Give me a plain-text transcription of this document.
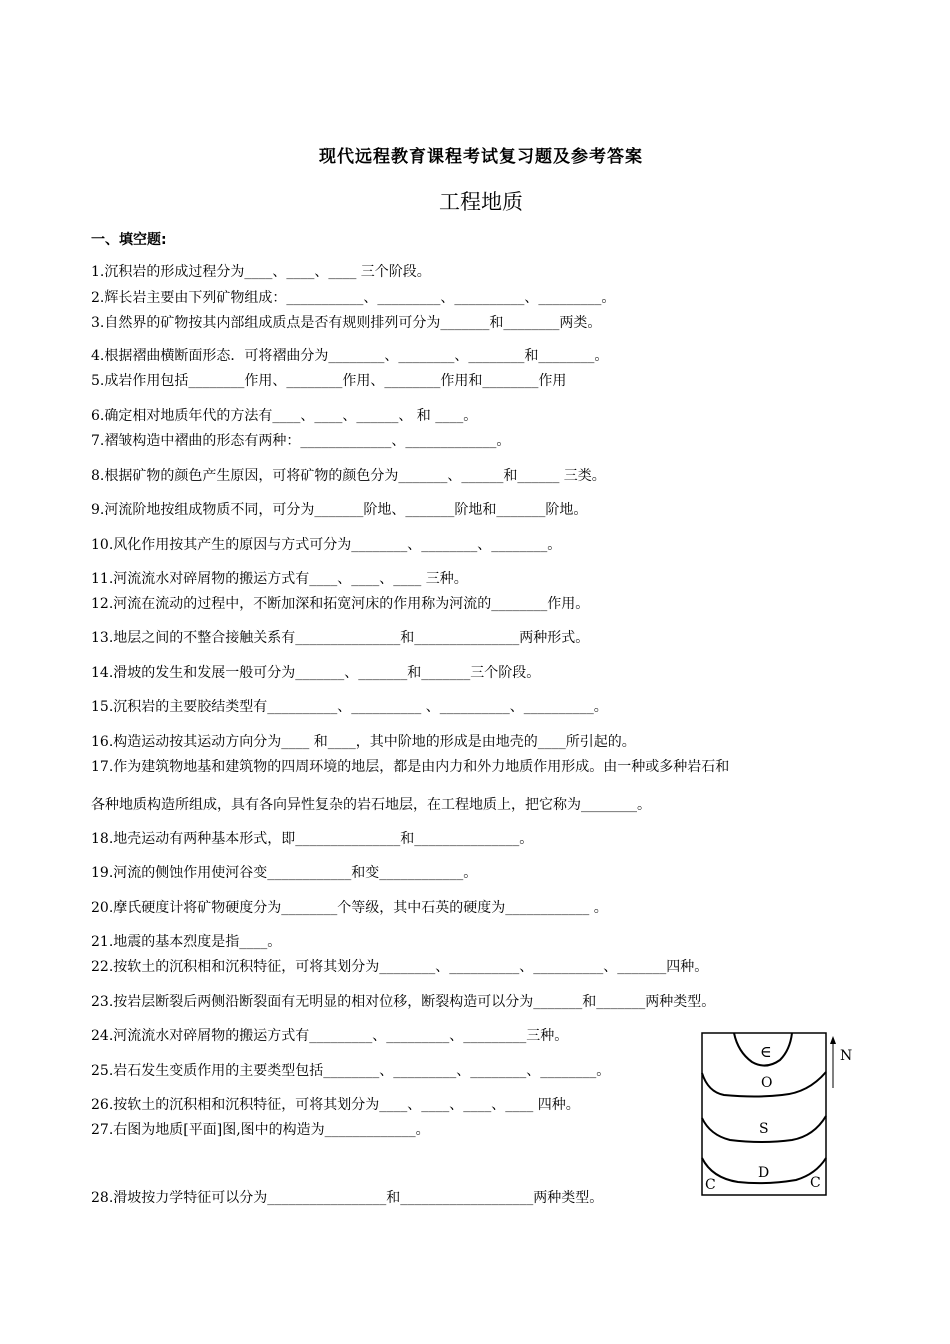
现代远程教育课程考试复习题及参考答案
工程地质
一、填空题:
1.沉积岩的形成过程分为____、____、____ 三个阶段。
2.辉长岩主要由下列矿物组成：___________、_________、__________、_________。
3.自然界的矿物按其内部组成质点是否有规则排列可分为_______和________两类。
4.根据褶曲横断面形态．可将褶曲分为________、________、________和________。
5.成岩作用包括________作用、________作用、________作用和________作用
6.确定相对地质年代的方法有____、____、______、 和 ____。
7.褶皱构造中褶曲的形态有两种：_____________、_____________。
8.根据矿物的颜色产生原因，可将矿物的颜色分为_______、______和______ 三类。
9.河流阶地按组成物质不同，可分为_______阶地、_______阶地和_______阶地。
10.风化作用按其产生的原因与方式可分为________、________、________。
11.河流流水对碎屑物的搬运方式有____、____、____ 三种。
12.河流在流动的过程中，不断加深和拓宽河床的作用称为河流的________作用。
13.地层之间的不整合接触关系有_______________和_______________两种形式。
14.滑坡的发生和发展一般可分为_______、_______和_______三个阶段。
15.沉积岩的主要胶结类型有__________、__________ 、__________、__________。
16.构造运动按其运动方向分为____ 和____，其中阶地的形成是由地壳的____所引起的。
17.作为建筑物地基和建筑物的四周环境的地层，都是由内力和外力地质作用形成。由一种或多种岩石和
各种地质构造所组成，具有各向异性复杂的岩石地层，在工程地质上，把它称为________。
18.地壳运动有两种基本形式，即_______________和_______________。
19.河流的侧蚀作用使河谷变____________和变____________。
20.摩氏硬度计将矿物硬度分为________个等级，其中石英的硬度为____________ 。
21.地震的基本烈度是指____。
22.按软土的沉积相和沉积特征，可将其划分为________、__________、__________、_______四种。
23.按岩层断裂后两侧沿断裂面有无明显的相对位移，断裂构造可以分为_______和_______两种类型。
24.河流流水对碎屑物的搬运方式有_________、_________、_________三种。
25.岩石发生变质作用的主要类型包括________、_________、________、________。
26.按软土的沉积相和沉积特征，可将其划分为____、____、____、____ 四种。
27.右图为地质[平面]图,图中的构造为_____________。
28.滑坡按力学特征可以分为_________________和___________________两种类型。
∈
O
S
D
C	C
N
